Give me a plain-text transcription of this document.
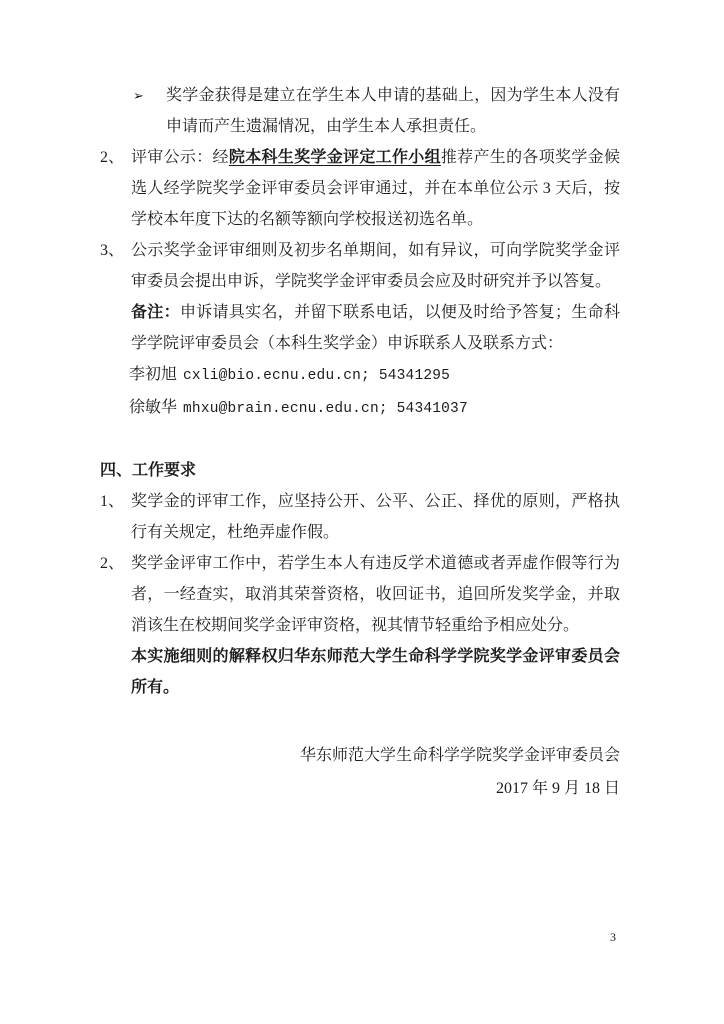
➢ 奖学金获得是建立在学生本人申请的基础上，因为学生本人没有申请而产生遗漏情况，由学生本人承担责任。
2、 评审公示：经院本科生奖学金评定工作小组推荐产生的各项奖学金候选人经学院奖学金评审委员会评审通过，并在本单位公示 3 天后，按学校本年度下达的名额等额向学校报送初选名单。
3、 公示奖学金评审细则及初步名单期间，如有异议，可向学院奖学金评审委员会提出申诉，学院奖学金评审委员会应及时研究并予以答复。
备注：申诉请具实名，并留下联系电话，以便及时给予答复；生命科学学院评审委员会（本科生奖学金）申诉联系人及联系方式：
李初旭 cxli@bio.ecnu.edu.cn; 54341295
徐敏华 mhxu@brain.ecnu.edu.cn; 54341037
四、工作要求
1、 奖学金的评审工作，应坚持公开、公平、公正、择优的原则，严格执行有关规定，杜绝弄虚作假。
2、 奖学金评审工作中，若学生本人有违反学术道德或者弄虚作假等行为者，一经查实，取消其荣誉资格，收回证书，追回所发奖学金，并取消该生在校期间奖学金评审资格，视其情节轻重给予相应处分。
本实施细则的解释权归华东师范大学生命科学学院奖学金评审委员会所有。
华东师范大学生命科学学院奖学金评审委员会
2017 年 9 月 18 日
3
